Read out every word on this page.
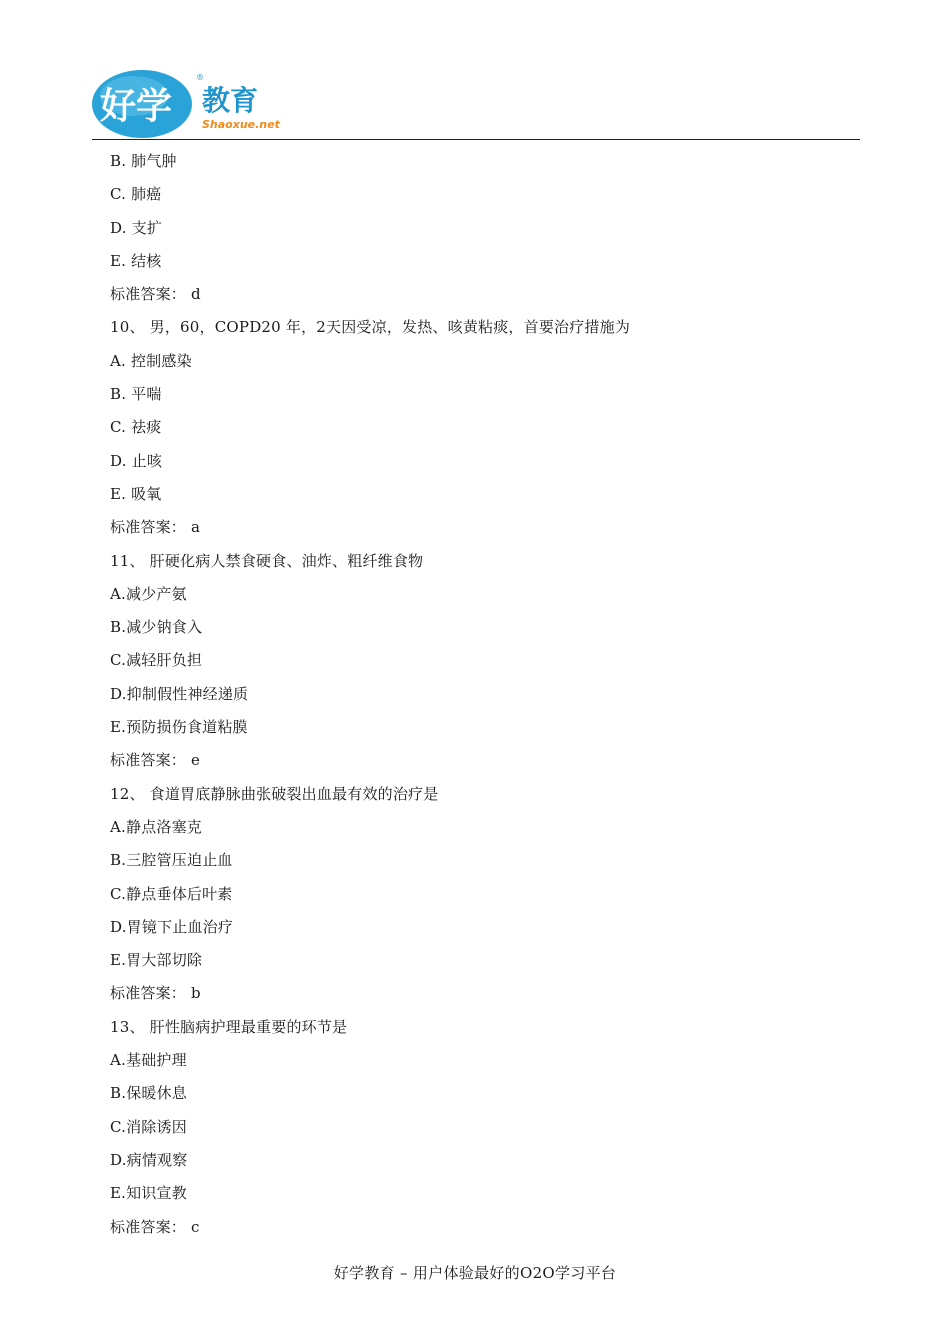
好学 教育
Shaoxue.net
®
B. 肺气肿
C. 肺癌
D. 支扩
E. 结核
标准答案： d
10、 男，60，COPD20 年，2天因受凉，发热、咳黄粘痰，首要治疗措施为
A. 控制感染
B. 平喘
C. 祛痰
D. 止咳
E. 吸氧
标准答案： a
11、 肝硬化病人禁食硬食、油炸、粗纤维食物
A.减少产氨
B.减少钠食入
C.减轻肝负担
D.抑制假性神经递质
E.预防损伤食道粘膜
标准答案： e
12、 食道胃底静脉曲张破裂出血最有效的治疗是
A.静点洛塞克
B.三腔管压迫止血
C.静点垂体后叶素
D.胃镜下止血治疗
E.胃大部切除
标准答案： b
13、 肝性脑病护理最重要的环节是
A.基础护理
B.保暖休息
C.消除诱因
D.病情观察
E.知识宣教
标准答案： c
好学教育 – 用户体验最好的O2O学习平台
